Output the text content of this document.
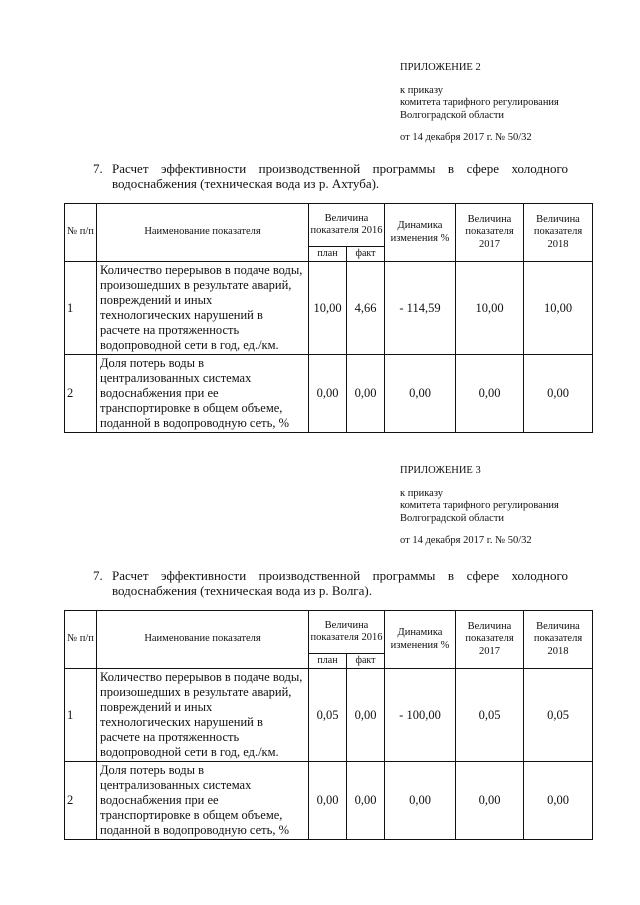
ПРИЛОЖЕНИЕ 2
к приказу
комитета тарифного регулирования
Волгоградской области
от 14 декабря 2017 г. № 50/32
7. Расчет эффективности производственной программы в сфере холодного
водоснабжения (техническая вода из р. Ахтуба).
№ п/п	Наименование показателя	Величина показателя 2016		Динамика изменения %	Величина показателя 2017	Величина показателя 2018
		план	факт			
1	Количество перерывов в подаче воды, произошедших в результате аварий, повреждений и иных технологических нарушений в расчете на протяженность водопроводной сети в год, ед./км.	10,00	4,66	- 114,59	10,00	10,00
2	Доля потерь воды в централизованных системах водоснабжения при ее транспортировке в общем объеме, поданной в водопроводную сеть, %	0,00	0,00	0,00	0,00	0,00
ПРИЛОЖЕНИЕ 3
к приказу
комитета тарифного регулирования
Волгоградской области
от 14 декабря 2017 г. № 50/32
7. Расчет эффективности производственной программы в сфере холодного
водоснабжения (техническая вода из р. Волга).
№ п/п	Наименование показателя	Величина показателя 2016		Динамика изменения %	Величина показателя 2017	Величина показателя 2018
		план	факт			
1	Количество перерывов в подаче воды, произошедших в результате аварий, повреждений и иных технологических нарушений в расчете на протяженность водопроводной сети в год, ед./км.	0,05	0,00	- 100,00	0,05	0,05
2	Доля потерь воды в централизованных системах водоснабжения при ее транспортировке в общем объеме, поданной в водопроводную сеть, %	0,00	0,00	0,00	0,00	0,00
